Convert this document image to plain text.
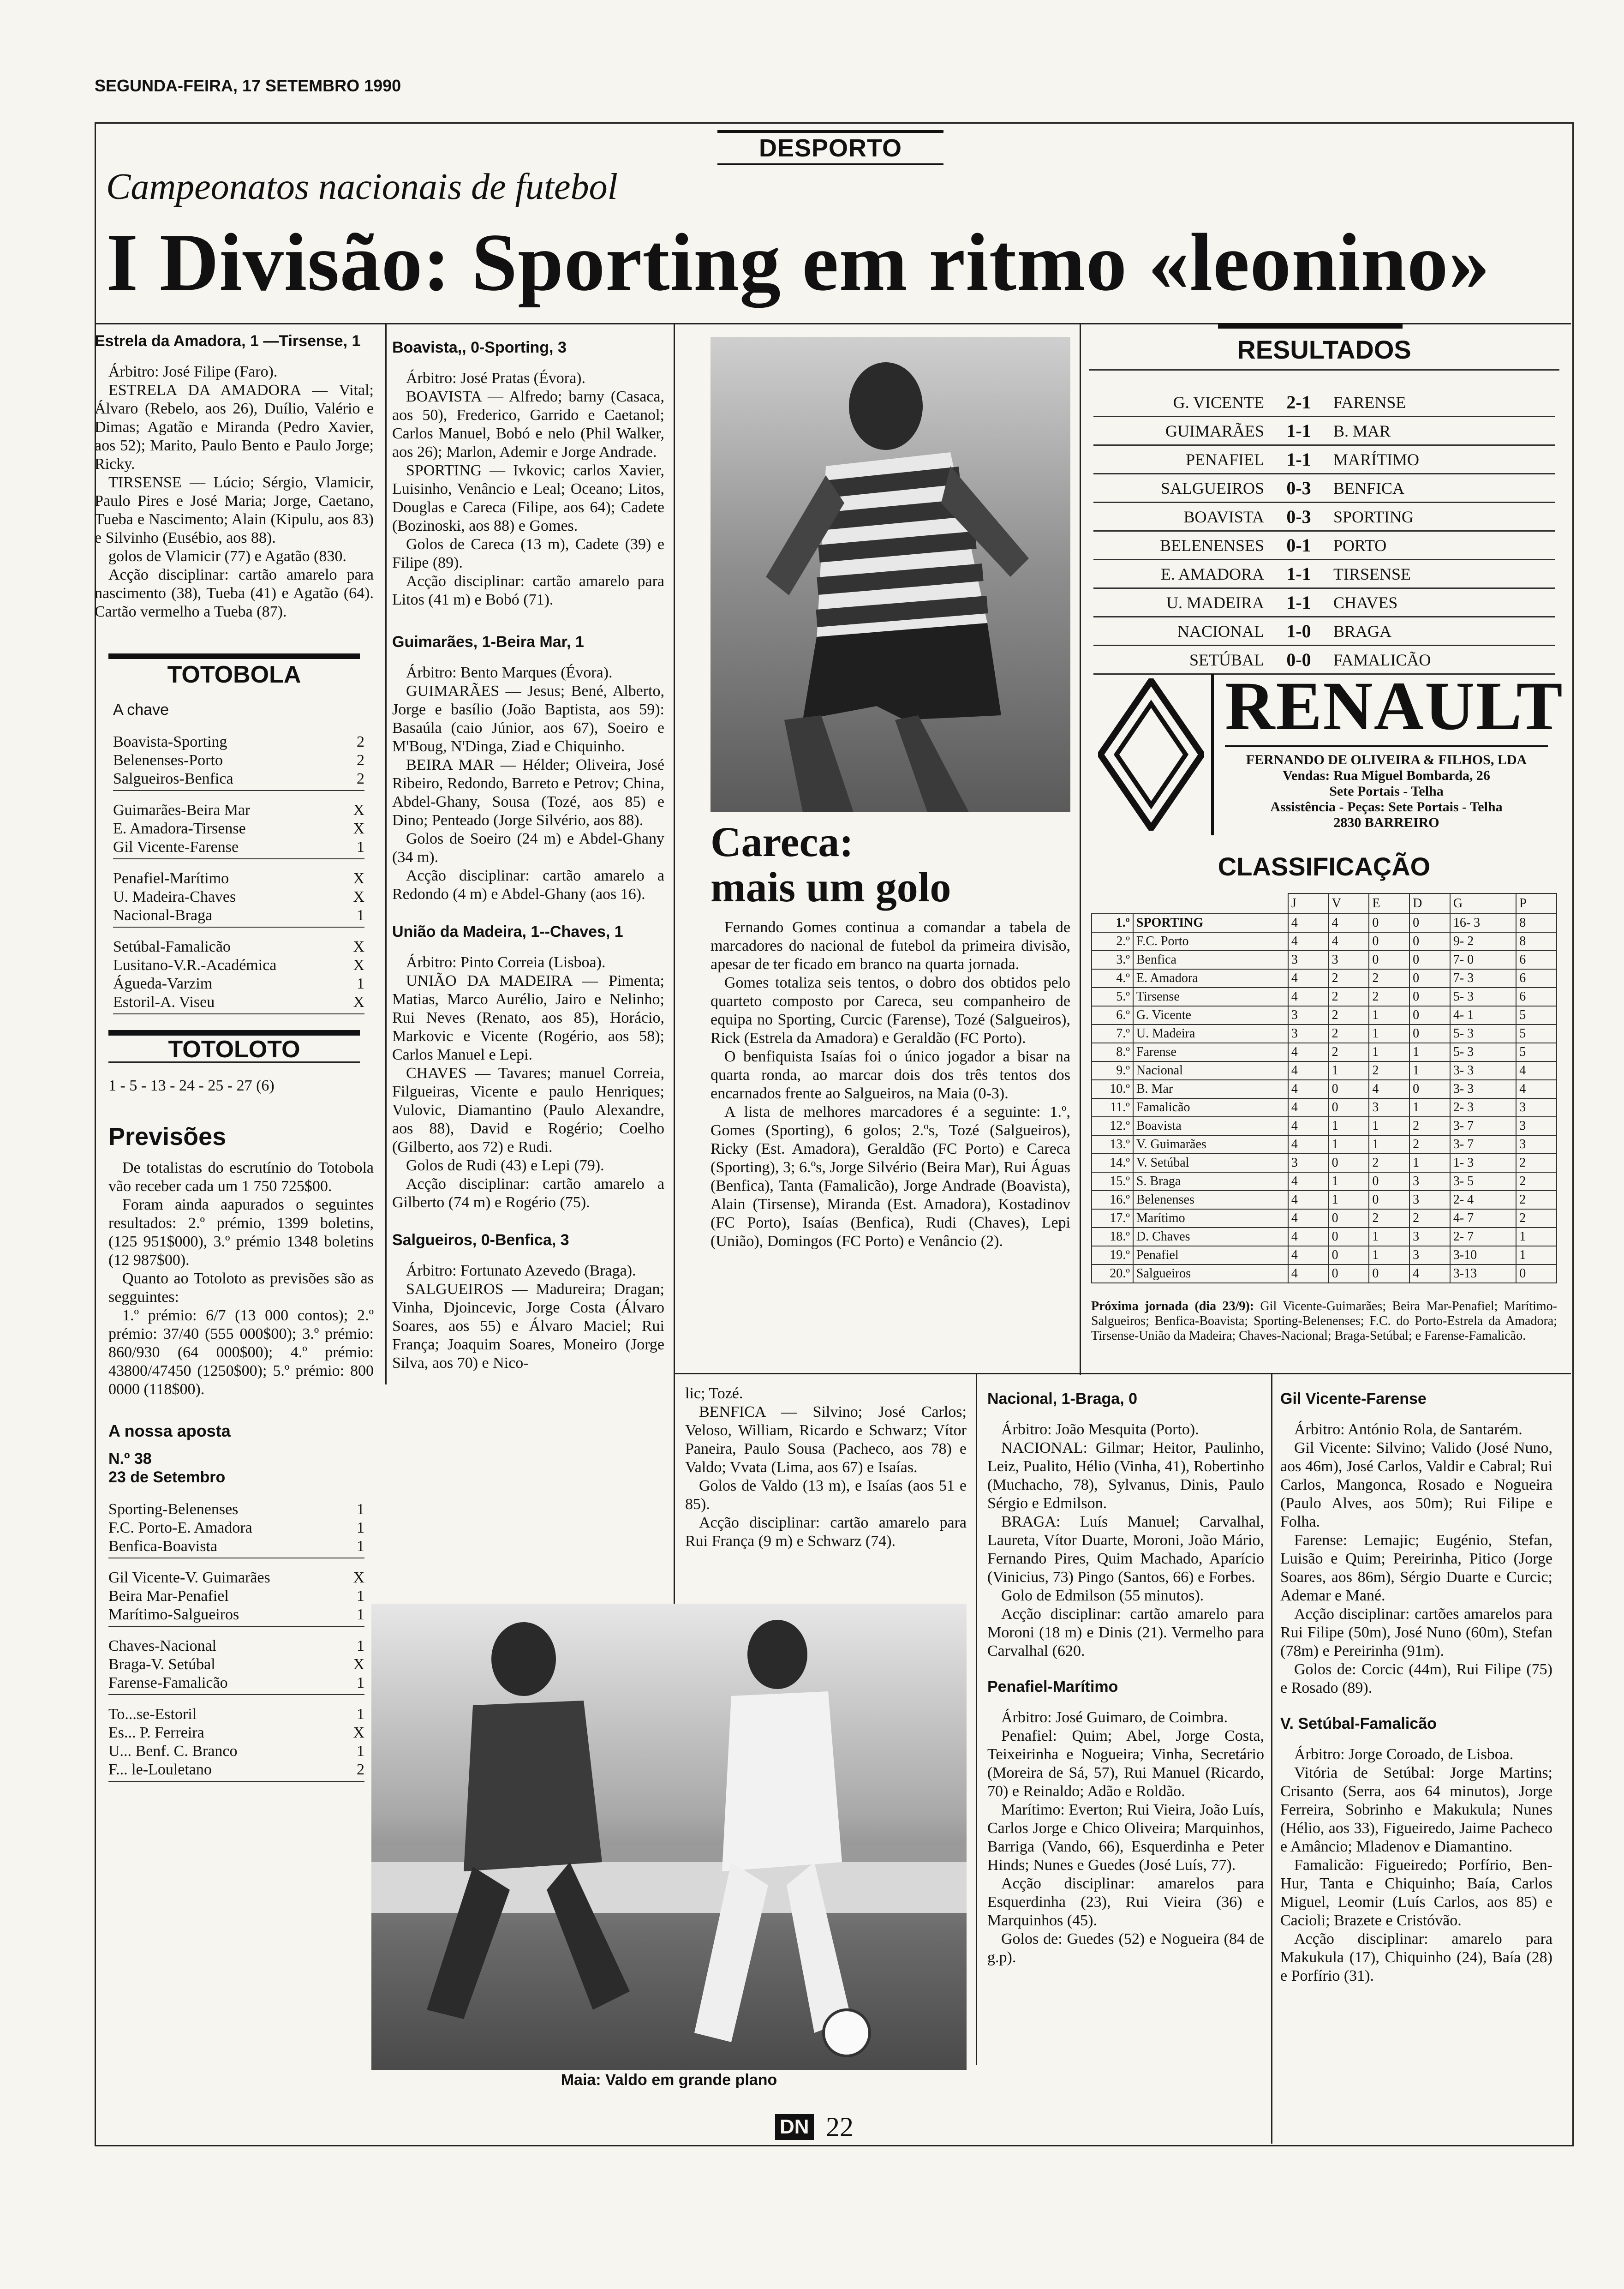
SEGUNDA-FEIRA, 17 SETEMBRO 1990
DESPORTO
Campeonatos nacionais de futebol
I Divisão: Sporting em ritmo «leonino»
Estrela da Amadora, 1 —Tirsense, 1

Árbitro: José Filipe (Faro).

ESTRELA DA AMADORA — Vital; Álvaro (Rebelo, aos 26), Duílio, Valério e Dimas; Agatão e Miranda (Pedro Xavier, aos 52); Marito, Paulo Bento e Paulo Jorge; Ricky.

TIRSENSE — Lúcio; Sérgio, Vlamicir, Paulo Pires e José Maria; Jorge, Caetano, Tueba e Nascimento; Alain (Kipulu, aos 83) e Silvinho (Eusébio, aos 88).

golos de Vlamicir (77) e Agatão (830.

Acção disciplinar: cartão amarelo para nascimento (38), Tueba (41) e Agatão (64). Cartão vermelho a Tueba (87).

TOTOBOLA
A chave
Boavista-Sporting	2
Belenenses-Porto	2
Salgueiros-Benfica	2
Guimarães-Beira Mar	X
E. Amadora-Tirsense	X
Gil Vicente-Farense	1
Penafiel-Marítimo	X
U. Madeira-Chaves	X
Nacional-Braga	1
Setúbal-Famalicão	X
Lusitano-V.R.-Académica	X
Águeda-Varzim	1
Estoril-A. Viseu	X
TOTOLOTO
1 - 5 - 13 - 24 - 25 - 27 (6)
Previsões

De totalistas do escrutínio do Totobola vão receber cada um 1 750 725$00.

Foram ainda aapurados o seguintes resultados: 2.º prémio, 1399 boletins, (125 951$000), 3.º prémio 1348 boletins (12 987$00).

Quanto ao Totoloto as previsões são as segguintes:

1.º prémio: 6/7 (13 000 contos); 2.º prémio: 37/40 (555 000$00); 3.º prémio: 860/930 (64 000$00); 4.º prémio: 43800/47450 (1250$00); 5.º prémio: 800 0000 (118$00).

A nossa aposta
N.º 38
23 de Setembro
Sporting-Belenenses	1
F.C. Porto-E. Amadora	1
Benfica-Boavista	1
Gil Vicente-V. Guimarães	X
Beira Mar-Penafiel	1
Marítimo-Salgueiros	1
Chaves-Nacional	1
Braga-V. Setúbal	X
Farense-Famalicão	1
To...se-Estoril	1
Es... P. Ferreira	X
U... Benf. C. Branco	1
F... le-Louletano	2
Boavista,, 0-Sporting, 3

Árbitro: José Pratas (Évora).

BOAVISTA — Alfredo; barny (Casaca, aos 50), Frederico, Garrido e Caetanol; Carlos Manuel, Bobó e nelo (Phil Walker, aos 26); Marlon, Ademir e Jorge Andrade.

SPORTING — Ivkovic; carlos Xavier, Luisinho, Venâncio e Leal; Oceano; Litos, Douglas e Careca (Filipe, aos 64); Cadete (Bozinoski, aos 88) e Gomes.

Golos de Careca (13 m), Cadete (39) e Filipe (89).

Acção disciplinar: cartão amarelo para Litos (41 m) e Bobó (71).

Guimarães, 1-Beira Mar, 1

Árbitro: Bento Marques (Évora).

GUIMARÃES — Jesus; Bené, Alberto, Jorge e basílio (João Baptista, aos 59): Basaúla (caio Júnior, aos 67), Soeiro e M'Boug, N'Dinga, Ziad e Chiquinho.

BEIRA MAR — Hélder; Oliveira, José Ribeiro, Redondo, Barreto e Petrov; China, Abdel-Ghany, Sousa (Tozé, aos 85) e Dino; Penteado (Jorge Silvério, aos 88).

Golos de Soeiro (24 m) e Abdel-Ghany (34 m).

Acção disciplinar: cartão amarelo a Redondo (4 m) e Abdel-Ghany (aos 16).

União da Madeira, 1--Chaves, 1

Árbitro: Pinto Correia (Lisboa).

UNIÃO DA MADEIRA — Pimenta; Matias, Marco Aurélio, Jairo e Nelinho; Rui Neves (Renato, aos 85), Horácio, Markovic e Vicente (Rogério, aos 58); Carlos Manuel e Lepi.

CHAVES — Tavares; manuel Correia, Filgueiras, Vicente e paulo Henriques; Vulovic, Diamantino (Paulo Alexandre, aos 88), David e Rogério; Coelho (Gilberto, aos 72) e Rudi.

Golos de Rudi (43) e Lepi (79).

Acção disciplinar: cartão amarelo a Gilberto (74 m) e Rogério (75).

Salgueiros, 0-Benfica, 3

Árbitro: Fortunato Azevedo (Braga).

SALGUEIROS — Madureira; Dragan; Vinha, Djoincevic, Jorge Costa (Álvaro Soares, aos 55) e Álvaro Maciel; Rui França; Joaquim Soares, Moneiro (Jorge Silva, aos 70) e Nico-

Careca:
mais um golo

Fernando Gomes continua a comandar a tabela de marcadores do nacional de futebol da primeira divisão, apesar de ter ficado em branco na quarta jornada.

Gomes totaliza seis tentos, o dobro dos obtidos pelo quarteto composto por Careca, seu companheiro de equipa no Sporting, Curcic (Farense), Tozé (Salgueiros), Rick (Estrela da Amadora) e Geraldão (FC Porto).

O benfiquista Isaías foi o único jogador a bisar na quarta ronda, ao marcar dois dos três tentos dos encarnados frente ao Salgueiros, na Maia (0-3).

A lista de melhores marcadores é a seguinte: 1.º, Gomes (Sporting), 6 golos; 2.ºs, Tozé (Salgueiros), Ricky (Est. Amadora), Geraldão (FC Porto) e Careca (Sporting), 3; 6.ºs, Jorge Silvério (Beira Mar), Rui Águas (Benfica), Tanta (Famalicão), Jorge Andrade (Boavista), Alain (Tirsense), Miranda (Est. Amadora), Kostadinov (FC Porto), Isaías (Benfica), Rudi (Chaves), Lepi (União), Domingos (FC Porto) e Venâncio (2).

lic; Tozé.

BENFICA — Silvino; José Carlos; Veloso, William, Ricardo e Schwarz; Vítor Paneira, Paulo Sousa (Pacheco, aos 78) e Valdo; Vvata (Lima, aos 67) e Isaías.

Golos de Valdo (13 m), e Isaías (aos 51 e 85).

Acção disciplinar: cartão amarelo para Rui França (9 m) e Schwarz (74).

Maia: Valdo em grande plano
Nacional, 1-Braga, 0

Árbitro: João Mesquita (Porto).

NACIONAL: Gilmar; Heitor, Paulinho, Leiz, Pualito, Hélio (Vinha, 41), Robertinho (Muchacho, 78), Sylvanus, Dinis, Paulo Sérgio e Edmilson.

BRAGA: Luís Manuel; Carvalhal, Laureta, Vítor Duarte, Moroni, João Mário, Fernando Pires, Quim Machado, Aparício (Vinicius, 73) Pingo (Santos, 66) e Forbes.

Golo de Edmilson (55 minutos).

Acção disciplinar: cartão amarelo para Moroni (18 m) e Dinis (21). Vermelho para Carvalhal (620.

Penafiel-Marítimo

Árbitro: José Guimaro, de Coimbra.

Penafiel: Quim; Abel, Jorge Costa, Teixeirinha e Nogueira; Vinha, Secretário (Moreira de Sá, 57), Rui Manuel (Ricardo, 70) e Reinaldo; Adão e Roldão.

Marítimo: Everton; Rui Vieira, João Luís, Carlos Jorge e Chico Oliveira; Marquinhos, Barriga (Vando, 66), Esquerdinha e Peter Hinds; Nunes e Guedes (José Luís, 77).

Acção disciplinar: amarelos para Esquerdinha (23), Rui Vieira (36) e Marquinhos (45).

Golos de: Guedes (52) e Nogueira (84 de g.p).

Gil Vicente-Farense

Árbitro: António Rola, de Santarém.

Gil Vicente: Silvino; Valido (José Nuno, aos 46m), José Carlos, Valdir e Cabral; Rui Carlos, Mangonca, Rosado e Nogueira (Paulo Alves, aos 50m); Rui Filipe e Folha.

Farense: Lemajic; Eugénio, Stefan, Luisão e Quim; Pereirinha, Pitico (Jorge Soares, aos 86m), Sérgio Duarte e Curcic; Ademar e Mané.

Acção disciplinar: cartões amarelos para Rui Filipe (50m), José Nuno (60m), Stefan (78m) e Pereirinha (91m).

Golos de: Corcic (44m), Rui Filipe (75) e Rosado (89).

V. Setúbal-Famalicão

Árbitro: Jorge Coroado, de Lisboa.

Vitória de Setúbal: Jorge Martins; Crisanto (Serra, aos 64 minutos), Jorge Ferreira, Sobrinho e Makukula; Nunes (Hélio, aos 33), Figueiredo, Jaime Pacheco e Amâncio; Mladenov e Diamantino.

Famalicão: Figueiredo; Porfírio, Ben-Hur, Tanta e Chiquinho; Baía, Carlos Miguel, Leomir (Luís Carlos, aos 85) e Cacioli; Brazete e Cristóvão.

Acção disciplinar: amarelo para Makukula (17), Chiquinho (24), Baía (28) e Porfírio (31).

RESULTADOS
G. VICENTE	2-1	FARENSE
GUIMARÃES	1-1	B. MAR
PENAFIEL	1-1	MARÍTIMO
SALGUEIROS	0-3	BENFICA
BOAVISTA	0-3	SPORTING
BELENENSES	0-1	PORTO
E. AMADORA	1-1	TIRSENSE
U. MADEIRA	1-1	CHAVES
NACIONAL	1-0	BRAGA
SETÚBAL	0-0	FAMALICÃO
RENAULT
FERNANDO DE OLIVEIRA & FILHOS, LDA
Vendas: Rua Miguel Bombarda, 26
Sete Portais - Telha
Assistência - Peças: Sete Portais - Telha
2830 BARREIRO
CLASSIFICAÇÃO
		J	V	E	D	G	P
1.º	SPORTING	4	4	0	0	16- 3	8
2.º	F.C. Porto	4	4	0	0	9- 2	8
3.º	Benfica	3	3	0	0	7- 0	6
4.º	E. Amadora	4	2	2	0	7- 3	6
5.º	Tirsense	4	2	2	0	5- 3	6
6.º	G. Vicente	3	2	1	0	4- 1	5
7.º	U. Madeira	3	2	1	0	5- 3	5
8.º	Farense	4	2	1	1	5- 3	5
9.º	Nacional	4	1	2	1	3- 3	4
10.º	B. Mar	4	0	4	0	3- 3	4
11.º	Famalicão	4	0	3	1	2- 3	3
12.º	Boavista	4	1	1	2	3- 7	3
13.º	V. Guimarães	4	1	1	2	3- 7	3
14.º	V. Setúbal	3	0	2	1	1- 3	2
15.º	S. Braga	4	1	0	3	3- 5	2
16.º	Belenenses	4	1	0	3	2- 4	2
17.º	Marítimo	4	0	2	2	4- 7	2
18.º	D. Chaves	4	0	1	3	2- 7	1
19.º	Penafiel	4	0	1	3	3-10	1
20.º	Salgueiros	4	0	0	4	3-13	0
Próxima jornada (dia 23/9): Gil Vicente-Guimarães; Beira Mar-Penafiel; Marítimo-Salgueiros; Benfica-Boavista; Sporting-Belenenses; F.C. do Porto-Estrela da Amadora; Tirsense-União da Madeira; Chaves-Nacional; Braga-Setúbal; e Farense-Famalicão.
DN 22
